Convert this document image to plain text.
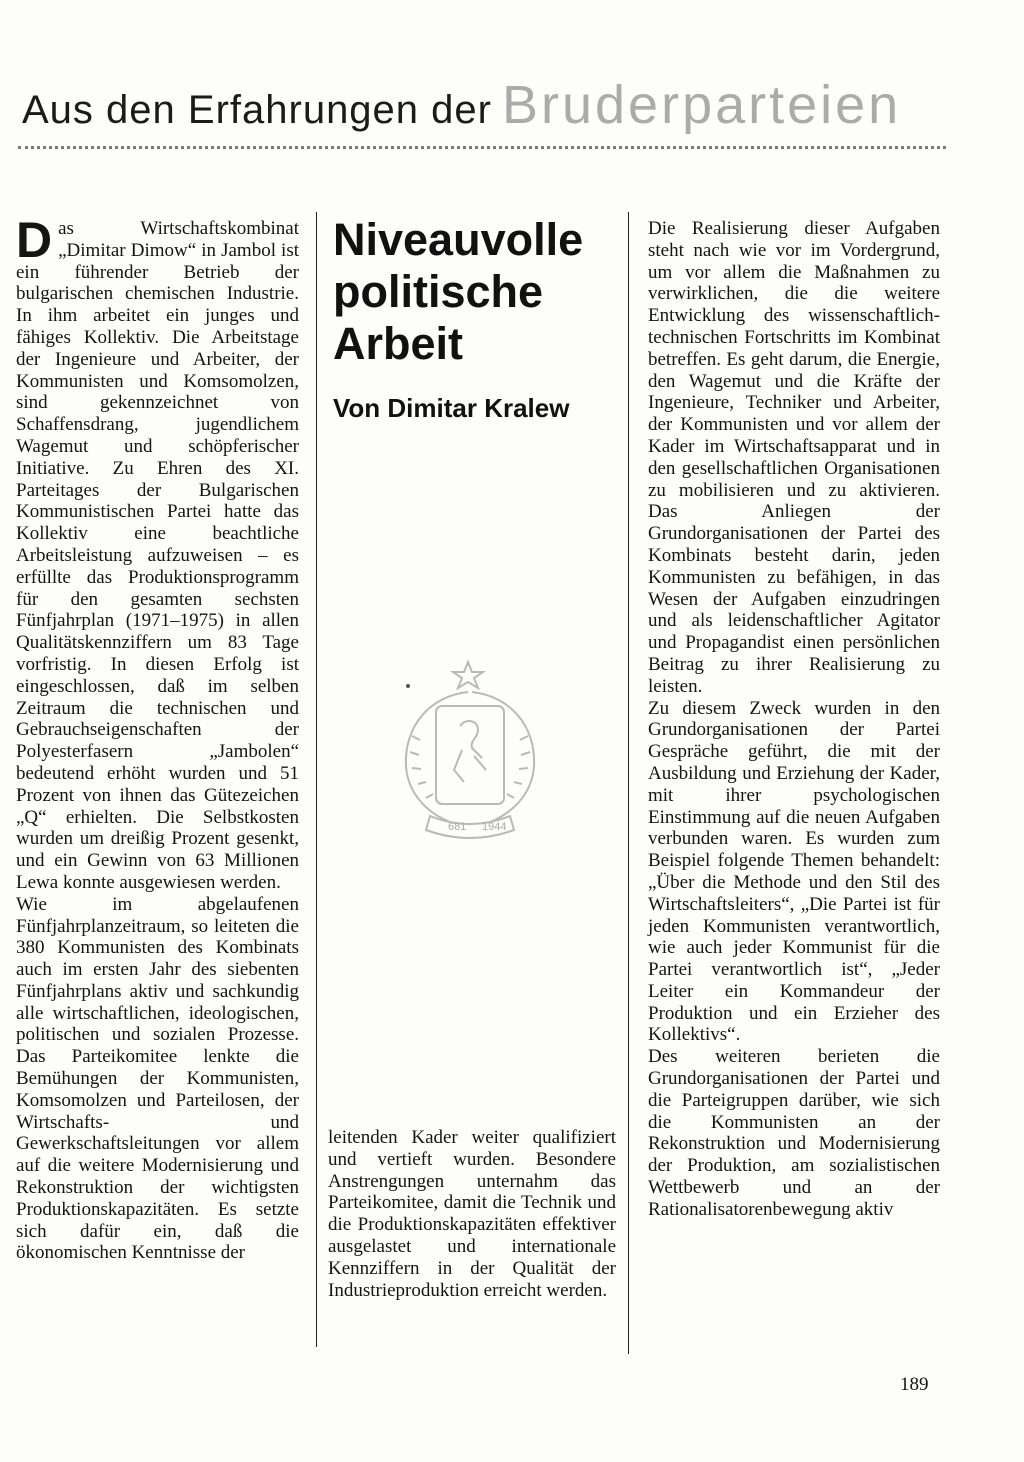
Aus den Erfahrungen der Bruderparteien

Das Wirtschaftskombinat „Dimitar Dimow“ in Jambol ist ein führender Betrieb der bulgarischen chemischen Industrie. In ihm arbeitet ein junges und fähiges Kollektiv. Die Arbeitstage der Ingenieure und Arbeiter, der Kommunisten und Komsomolzen, sind gekennzeichnet von Schaffensdrang, jugendlichem Wagemut und schöpferischer Initiative. Zu Ehren des XI. Parteitages der Bulgarischen Kommunistischen Partei hatte das Kollektiv eine beachtliche Arbeitsleistung aufzuweisen – es erfüllte das Produktionsprogramm für den gesamten sechsten Fünfjahrplan (1971–1975) in allen Qualitätskennziffern um 83 Tage vorfristig. In diesen Erfolg ist eingeschlossen, daß im selben Zeitraum die technischen und Gebrauchseigenschaften der Polyesterfasern „Jambolen“ bedeutend erhöht wurden und 51 Prozent von ihnen das Gütezeichen „Q“ erhielten. Die Selbstkosten wurden um dreißig Prozent gesenkt, und ein Gewinn von 63 Millionen Lewa konnte ausgewiesen werden.

Wie im abgelaufenen Fünfjahrplanzeitraum, so leiteten die 380 Kommunisten des Kombinats auch im ersten Jahr des siebenten Fünfjahrplans aktiv und sachkundig alle wirtschaftlichen, ideologischen, politischen und sozialen Prozesse. Das Parteikomitee lenkte die Bemühungen der Kommunisten, Komsomolzen und Parteilosen, der Wirtschafts- und Gewerkschaftsleitungen vor allem auf die weitere Modernisierung und Rekonstruktion der wichtigsten Produktionskapazitäten. Es setzte sich dafür ein, daß die ökonomischen Kenntnisse der

Niveauvolle
politische
Arbeit
Von Dimitar Kralew
681 1944

leitenden Kader weiter qualifiziert und vertieft wurden. Besondere Anstrengungen unternahm das Parteikomitee, damit die Technik und die Produktionskapazitäten effektiver ausgelastet und internationale Kennziffern in der Qualität der Industrieproduktion erreicht werden.

Die Realisierung dieser Aufgaben steht nach wie vor im Vordergrund, um vor allem die Maßnahmen zu verwirklichen, die die weitere Entwicklung des wissenschaftlich-technischen Fortschritts im Kombinat betreffen. Es geht darum, die Energie, den Wagemut und die Kräfte der Ingenieure, Techniker und Arbeiter, der Kommunisten und vor allem der Kader im Wirtschaftsapparat und in den gesellschaftlichen Organisationen zu mobilisieren und zu aktivieren. Das Anliegen der Grundorganisationen der Partei des Kombinats besteht darin, jeden Kommunisten zu befähigen, in das Wesen der Aufgaben einzudringen und als leidenschaftlicher Agitator und Propagandist einen persönlichen Beitrag zu ihrer Realisierung zu leisten.

Zu diesem Zweck wurden in den Grundorganisationen der Partei Gespräche geführt, die mit der Ausbildung und Erziehung der Kader, mit ihrer psychologischen Einstimmung auf die neuen Aufgaben verbunden waren. Es wurden zum Beispiel folgende Themen behandelt: „Über die Methode und den Stil des Wirtschaftsleiters“, „Die Partei ist für jeden Kommunisten verantwortlich, wie auch jeder Kommunist für die Partei verantwortlich ist“, „Jeder Leiter ein Kommandeur der Produktion und ein Erzieher des Kollektivs“.

Des weiteren berieten die Grundorganisationen der Partei und die Parteigruppen darüber, wie sich die Kommunisten an der Rekonstruktion und Modernisierung der Produktion, am sozialistischen Wettbewerb und an der Rationalisatorenbewegung aktiv

189
